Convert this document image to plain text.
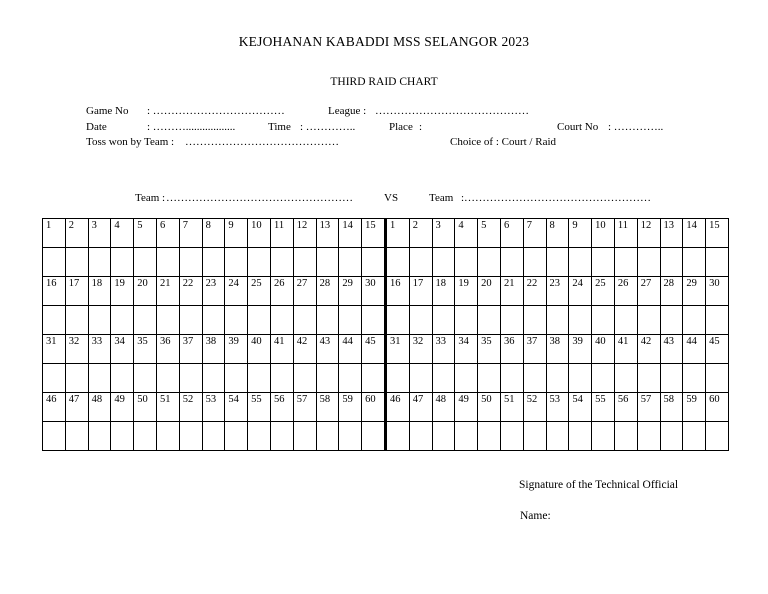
KEJOHANAN KABADDI MSS SELANGOR 2023
THIRD RAID CHART
Game No : ………………………………	League : ……………………………………
Date	: ………..................	Time : …………..	Place :	Court No : …………..
Toss won by Team : ……………………………………	Choice of : Court / Raid
Team : ……………………………………………	VS	Team :……………………………………………
1	2	3	4	5	6	7	8	9	10	11	12	13	14	15	1	2	3	4	5	6	7	8	9	10	11	12	13	14	15

16	17	18	19	20	21	22	23	24	25	26	27	28	29	30	16	17	18	19	20	21	22	23	24	25	26	27	28	29	30

31	32	33	34	35	36	37	38	39	40	41	42	43	44	45	31	32	33	34	35	36	37	38	39	40	41	42	43	44	45

46	47	48	49	50	51	52	53	54	55	56	57	58	59	60	46	47	48	49	50	51	52	53	54	55	56	57	58	59	60

Signature of the Technical Official
Name:
